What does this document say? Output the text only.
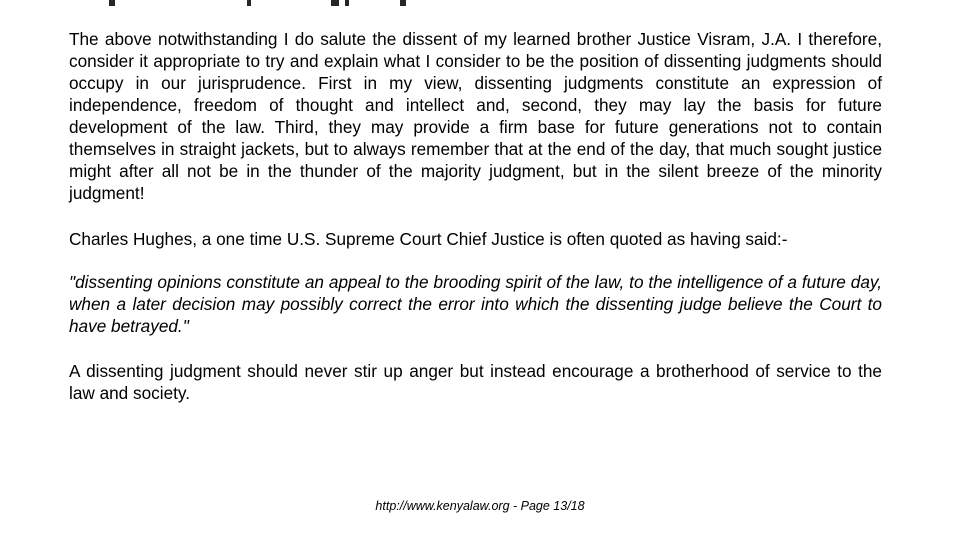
The above notwithstanding I do salute the dissent of my learned brother Justice Visram, J.A. I therefore, consider it appropriate to try and explain what I consider to be the position of dissenting judgments should occupy in our jurisprudence. First in my view, dissenting judgments constitute an expression of independence, freedom of thought and intellect and, second, they may lay the basis for future development of the law. Third, they may provide a firm base for future generations not to contain themselves in straight jackets, but to always remember that at the end of the day, that much sought justice might after all not be in the thunder of the majority judgment, but in the silent breeze of the minority judgment!

Charles Hughes, a one time U.S. Supreme Court Chief Justice is often quoted as having said:-

"dissenting opinions constitute an appeal to the brooding spirit of the law, to the intelligence of a future day, when a later decision may possibly correct the error into which the dissenting judge believe the Court to have betrayed."

A dissenting judgment should never stir up anger but instead encourage a brotherhood of service to the law and society.

http://www.kenyalaw.org - Page 13/18
